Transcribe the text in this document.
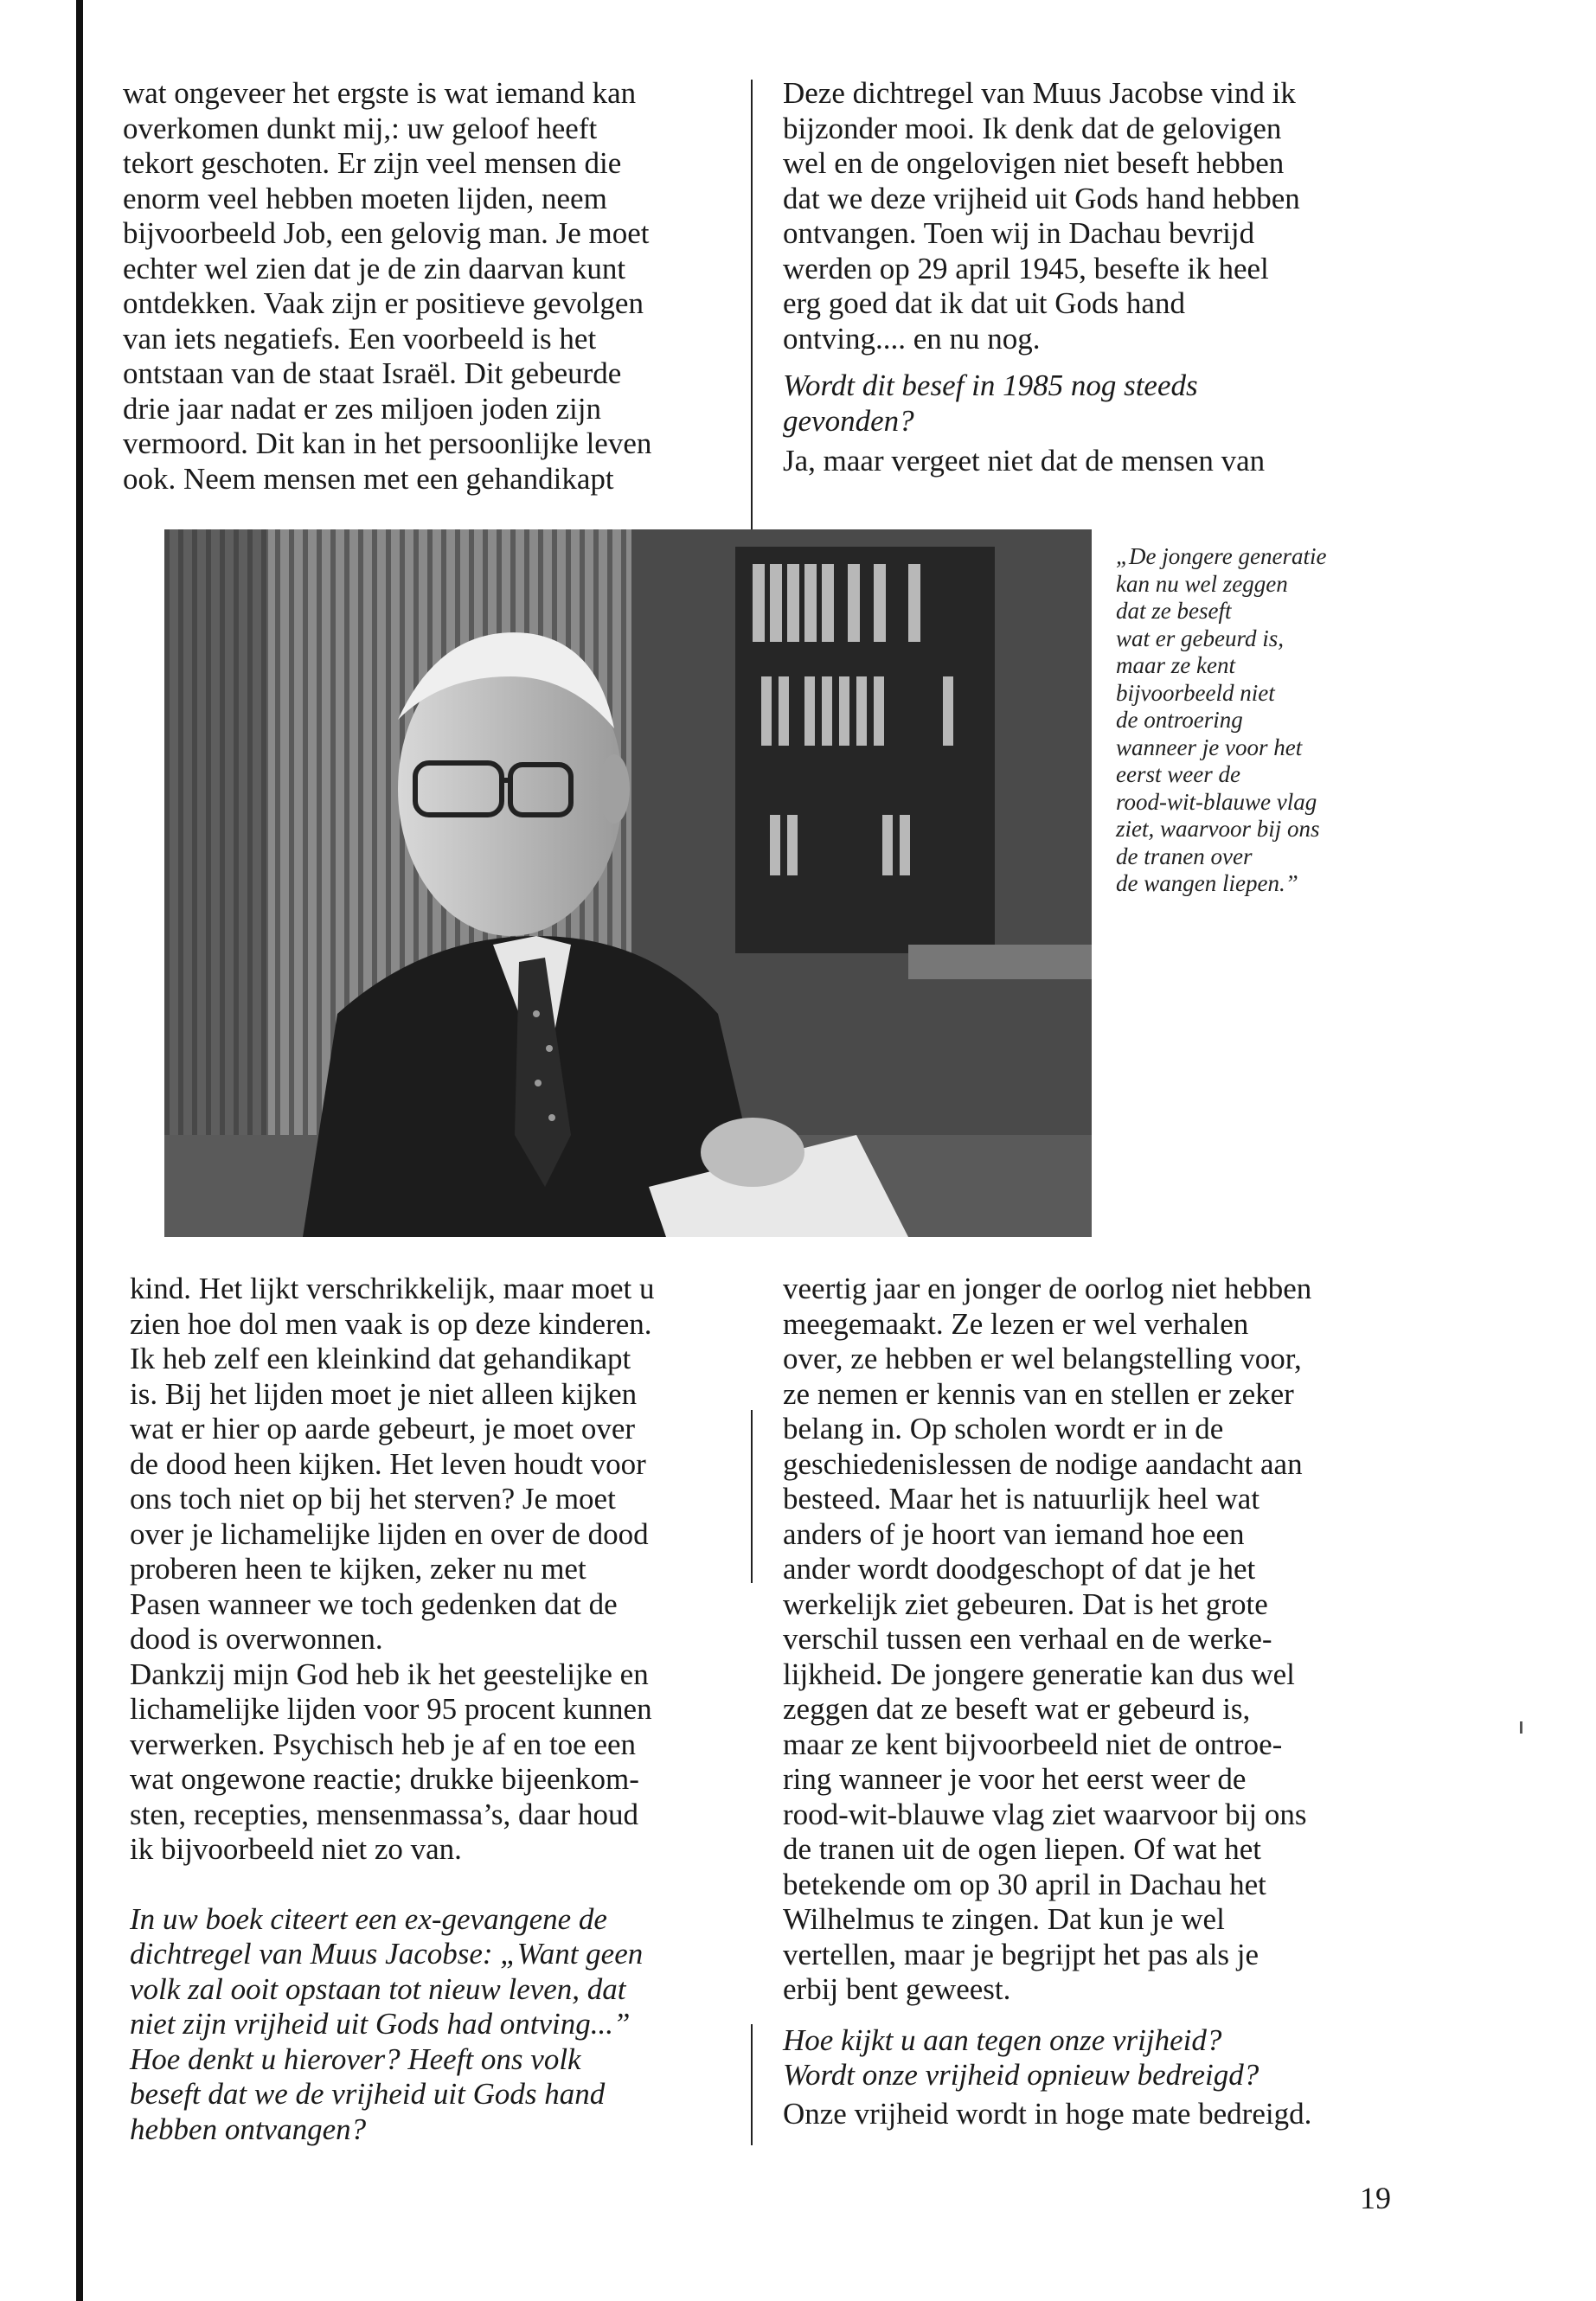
wat ongeveer het ergste is wat iemand kan
overkomen dunkt mij,: uw geloof heeft
tekort geschoten. Er zijn veel mensen die
enorm veel hebben moeten lijden, neem
bijvoorbeeld Job, een gelovig man. Je moet
echter wel zien dat je de zin daarvan kunt
ontdekken. Vaak zijn er positieve gevolgen
van iets negatiefs. Een voorbeeld is het
ontstaan van de staat Israël. Dit gebeurde
drie jaar nadat er zes miljoen joden zijn
vermoord. Dit kan in het persoonlijke leven
ook. Neem mensen met een gehandikapt

Deze dichtregel van Muus Jacobse vind ik
bijzonder mooi. Ik denk dat de gelovigen
wel en de ongelovigen niet beseft hebben
dat we deze vrijheid uit Gods hand hebben
ontvangen. Toen wij in Dachau bevrijd
werden op 29 april 1945, besefte ik heel
erg goed dat ik dat uit Gods hand
ontving.... en nu nog.

Wordt dit besef in 1985 nog steeds
gevonden?

Ja, maar vergeet niet dat de mensen van

„De jongere generatie
kan nu wel zeggen
dat ze beseft
wat er gebeurd is,
maar ze kent
bijvoorbeeld niet
de ontroering
wanneer je voor het
eerst weer de
rood-wit-blauwe vlag
ziet, waarvoor bij ons
de tranen over
de wangen liepen.”

kind. Het lijkt verschrikkelijk, maar moet u
zien hoe dol men vaak is op deze kinderen.
Ik heb zelf een kleinkind dat gehandikapt
is. Bij het lijden moet je niet alleen kijken
wat er hier op aarde gebeurt, je moet over
de dood heen kijken. Het leven houdt voor
ons toch niet op bij het sterven? Je moet
over je lichamelijke lijden en over de dood
proberen heen te kijken, zeker nu met
Pasen wanneer we toch gedenken dat de
dood is overwonnen.
Dankzij mijn God heb ik het geestelijke en
lichamelijke lijden voor 95 procent kunnen
verwerken. Psychisch heb je af en toe een
wat ongewone reactie; drukke bijeenkom-
sten, recepties, mensenmassa’s, daar houd
ik bijvoorbeeld niet zo van.

In uw boek citeert een ex-gevangene de
dichtregel van Muus Jacobse: „Want geen
volk zal ooit opstaan tot nieuw leven, dat
niet zijn vrijheid uit Gods had ontving...”
Hoe denkt u hierover? Heeft ons volk
beseft dat we de vrijheid uit Gods hand
hebben ontvangen?

veertig jaar en jonger de oorlog niet hebben
meegemaakt. Ze lezen er wel verhalen
over, ze hebben er wel belangstelling voor,
ze nemen er kennis van en stellen er zeker
belang in. Op scholen wordt er in de
geschiedenislessen de nodige aandacht aan
besteed. Maar het is natuurlijk heel wat
anders of je hoort van iemand hoe een
ander wordt doodgeschopt of dat je het
werkelijk ziet gebeuren. Dat is het grote
verschil tussen een verhaal en de werke-
lijkheid. De jongere generatie kan dus wel
zeggen dat ze beseft wat er gebeurd is,
maar ze kent bijvoorbeeld niet de ontroe-
ring wanneer je voor het eerst weer de
rood-wit-blauwe vlag ziet waarvoor bij ons
de tranen uit de ogen liepen. Of wat het
betekende om op 30 april in Dachau het
Wilhelmus te zingen. Dat kun je wel
vertellen, maar je begrijpt het pas als je
erbij bent geweest.

Hoe kijkt u aan tegen onze vrijheid?
Wordt onze vrijheid opnieuw bedreigd?

Onze vrijheid wordt in hoge mate bedreigd.

19
